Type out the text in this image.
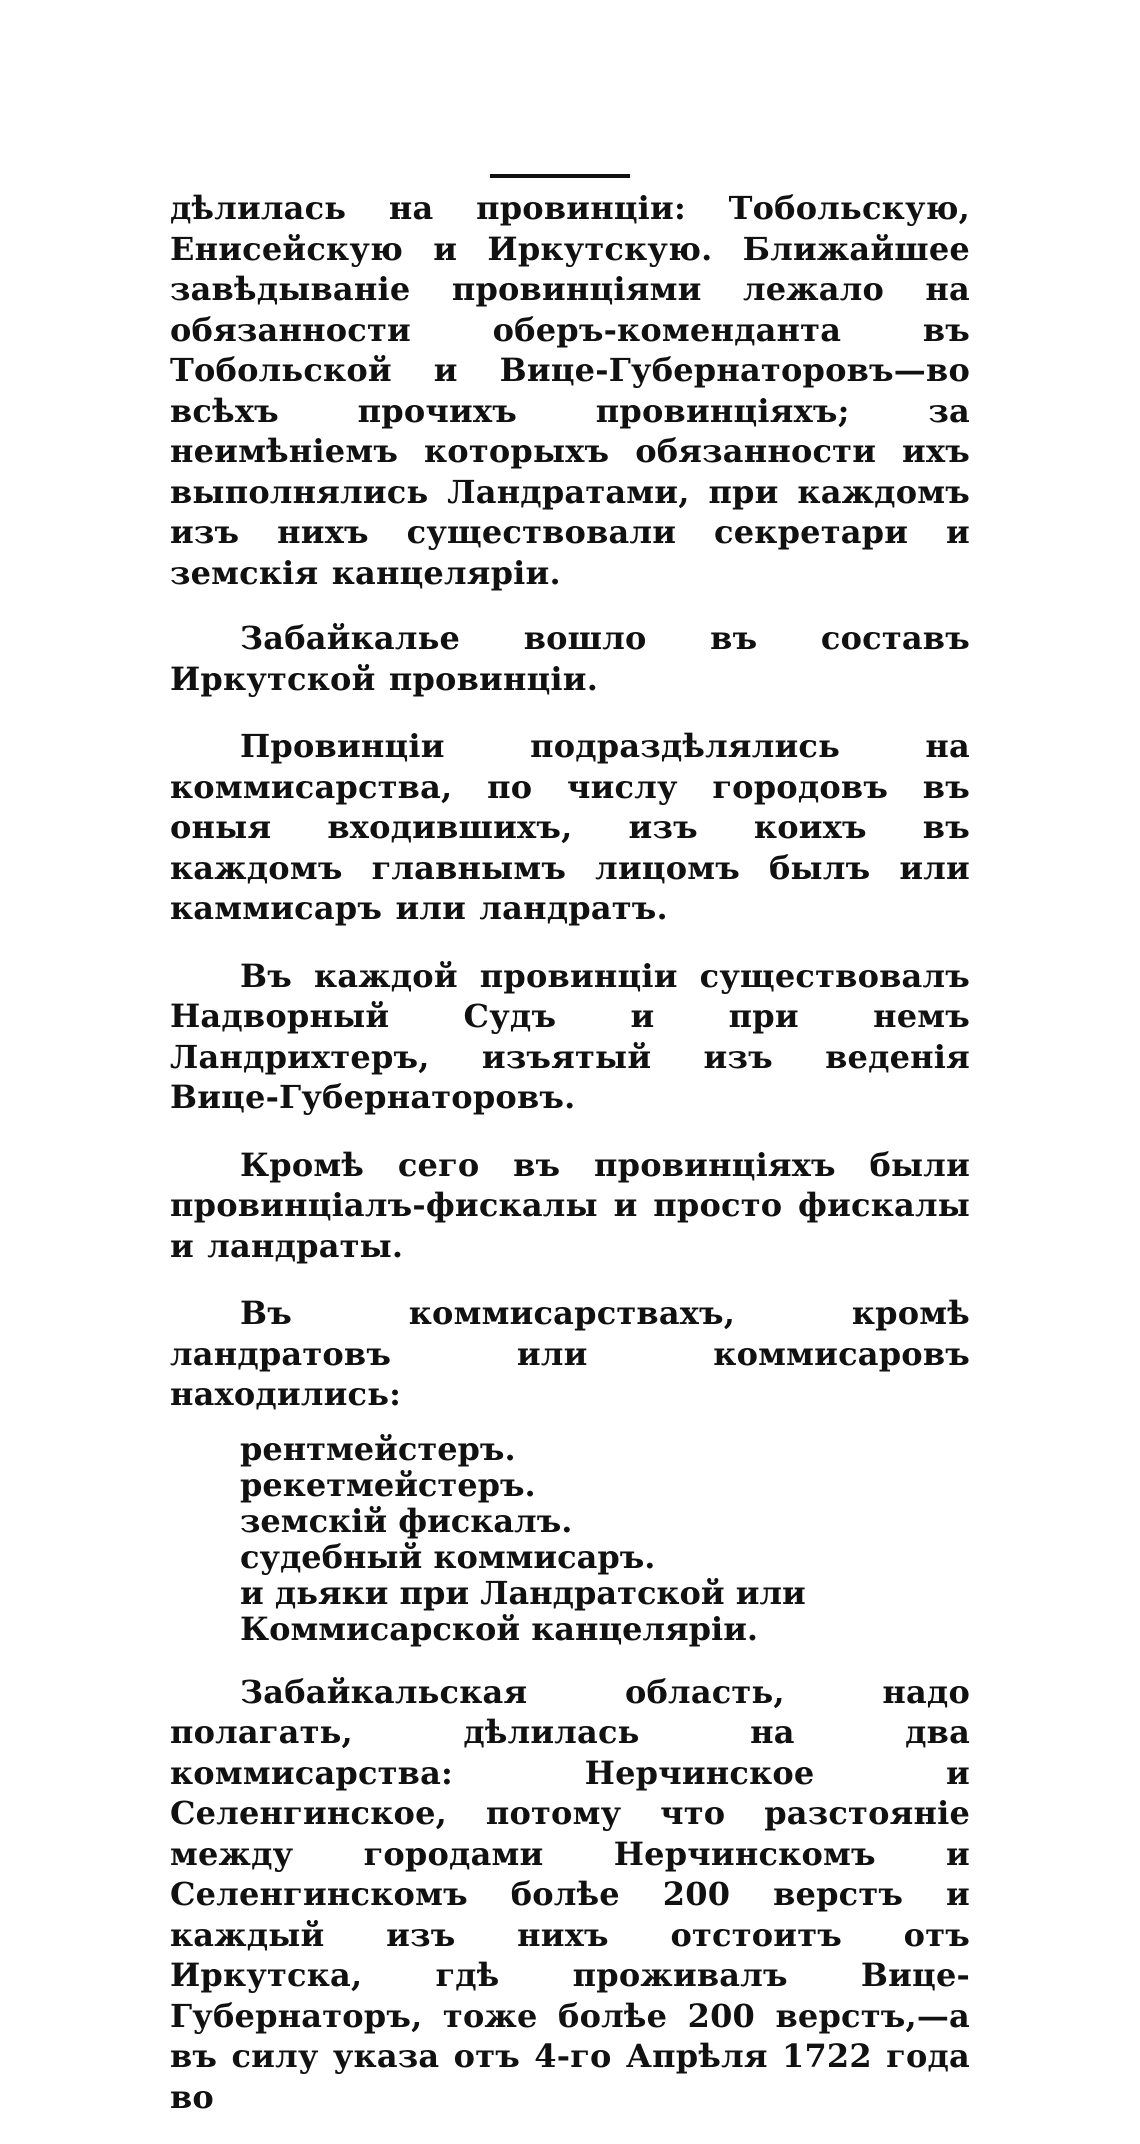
дѣлилась на провинціи: Тобольскую, Енисейскую и Иркутскую. Ближайшее завѣдываніе провинціями лежало на обязанности оберъ-коменданта въ Тобольской и Вице-Губернаторовъ—во всѣхъ прочихъ провинціяхъ; за неимѣніемъ которыхъ обязанности ихъ выполнялись Ландратами, при каждомъ изъ нихъ существовали секретари и земскія канцеляріи.

Забайкалье вошло въ составъ Иркутской провинціи.

Провинціи подраздѣлялись на коммисарства, по числу городовъ въ оныя входившихъ, изъ коихъ въ каждомъ главнымъ лицомъ былъ или каммисаръ или ландратъ.

Въ каждой провинціи существовалъ Надворный Судъ и при немъ Ландрихтеръ, изъятый изъ веденія Вице-Губернаторовъ.

Кромѣ сего въ провинціяхъ были провинціалъ-фискалы и просто фискалы и ландраты.

Въ коммисарствахъ, кромѣ ландратовъ или коммисаровъ находились:

рентмейстеръ.
рекетмейстеръ.
земскій фискалъ.
судебный коммисаръ.
и дьяки при Ландратской или Коммисарской канцеляріи.

Забайкальская область, надо полагать, дѣлилась на два коммисарства: Нерчинское и Селенгинское, потому что разстояніе между городами Нерчинскомъ и Селенгинскомъ болѣе 200 верстъ и каждый изъ нихъ отстоитъ отъ Иркутска, гдѣ проживалъ Вице-Губернаторъ, тоже болѣе 200 верстъ,—а въ силу указа отъ 4-го Апрѣля 1722 года во
